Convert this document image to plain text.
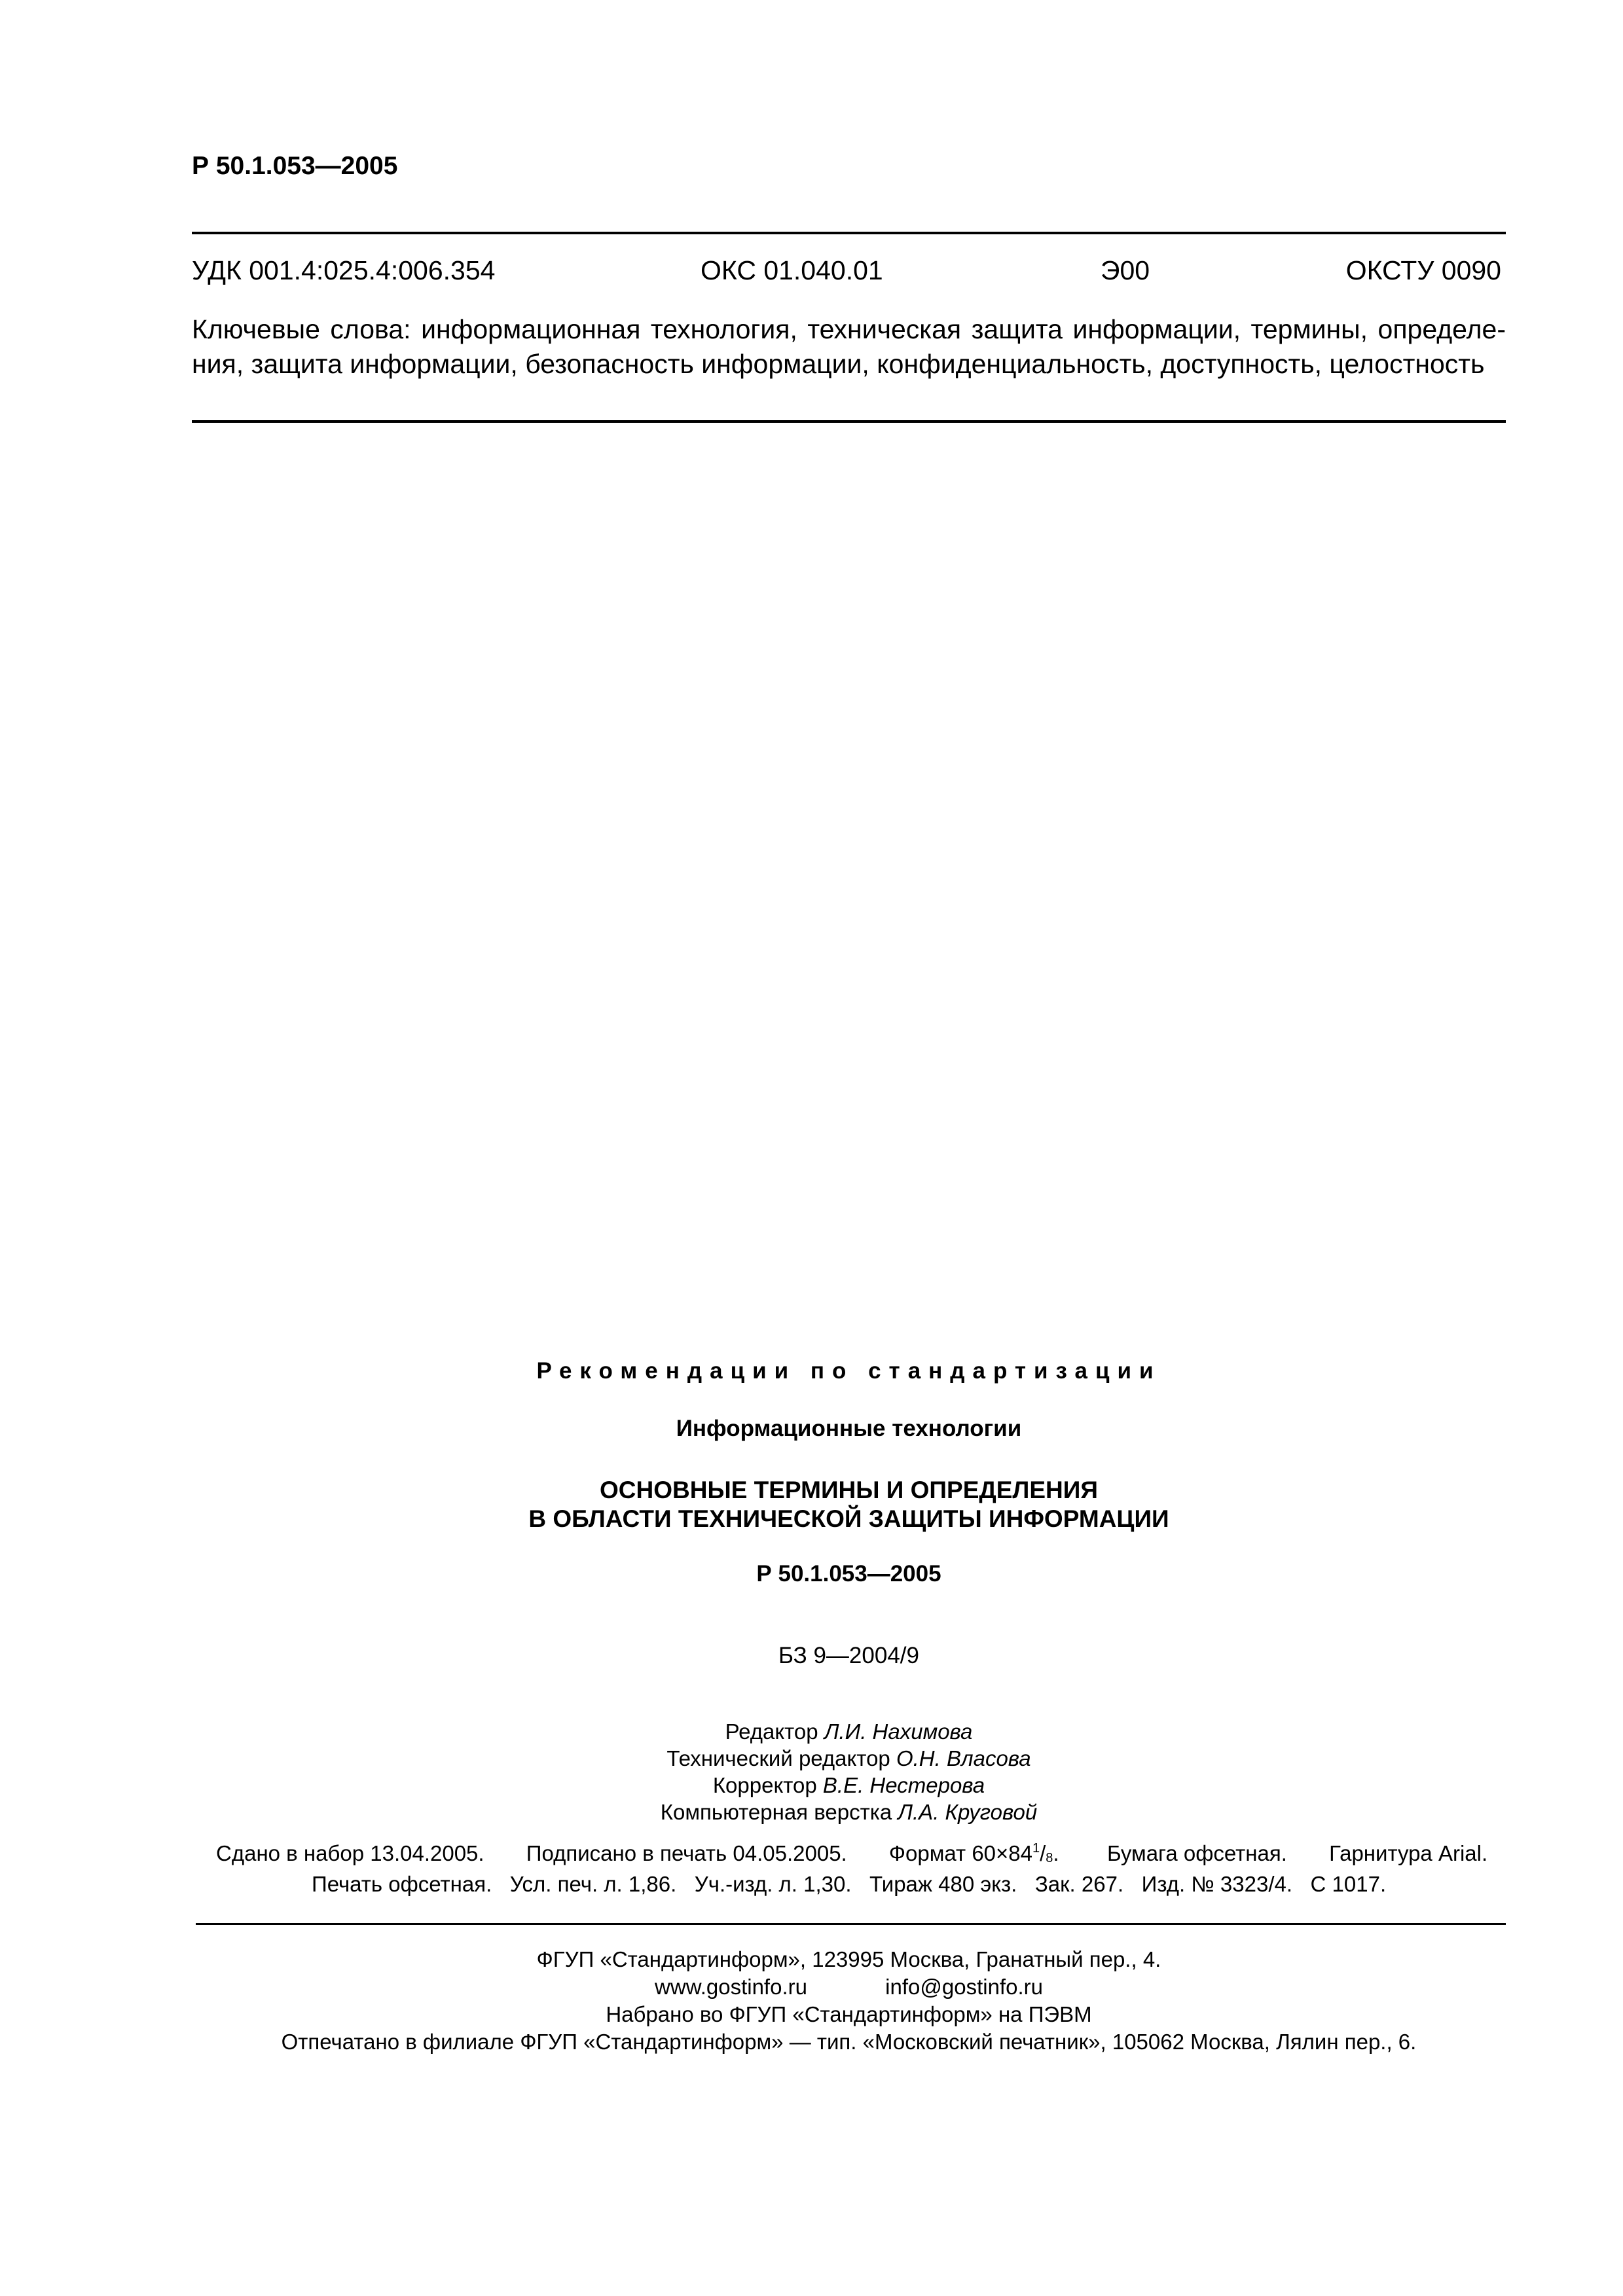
Р 50.1.053—2005
УДК 001.4:025.4:006.354	ОКС 01.040.01	Э00	ОКСТУ 0090
Ключевые слова: информационная технология, техническая защита информации, термины, определе-
ния, защита информации, безопасность информации, конфиденциальность, доступность, целостность
Рекомендации по стандартизации
Информационные технологии
ОСНОВНЫЕ ТЕРМИНЫ И ОПРЕДЕЛЕНИЯ
В ОБЛАСТИ ТЕХНИЧЕСКОЙ ЗАЩИТЫ ИНФОРМАЦИИ
Р 50.1.053—2005
БЗ 9—2004/9
Редактор Л.И. Нахимова
Технический редактор О.Н. Власова
Корректор В.Е. Нестерова
Компьютерная верстка Л.А. Круговой
Сдано в набор 13.04.2005. Подписано в печать 04.05.2005. Формат $60\times 84^1/_8$. Бумага офсетная. Гарнитура Arial.
Печать офсетная. Усл. печ. л. 1,86. Уч.-изд. л. 1,30. Тираж 480 экз. Зак. 267. Изд. № 3323/4. С 1017.
ФГУП «Стандартинформ», 123995 Москва, Гранатный пер., 4.
www.gostinfo.ru	info@gostinfo.ru
Набрано во ФГУП «Стандартинформ» на ПЭВМ
Отпечатано в филиале ФГУП «Стандартинформ» — тип. «Московский печатник», 105062 Москва, Лялин пер., 6.
